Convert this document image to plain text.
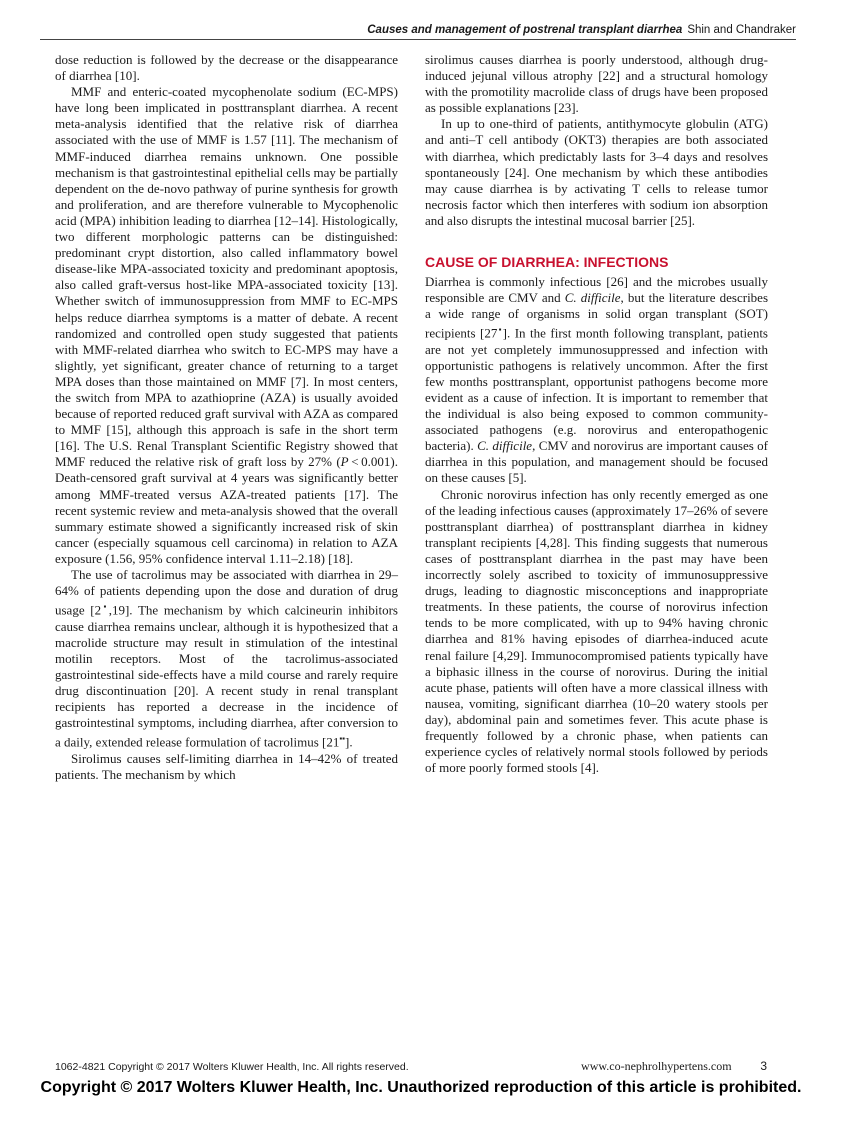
Causes and management of postrenal transplant diarrhea Shin and Chandraker

dose reduction is followed by the decrease or the disappearance of diarrhea [10].

MMF and enteric-coated mycophenolate sodium (EC-MPS) have long been implicated in posttransplant diarrhea. A recent meta-analysis identified that the relative risk of diarrhea associated with the use of MMF is 1.57 [11]. The mechanism of MMF-induced diarrhea remains unknown. One possible mechanism is that gastrointestinal epithelial cells may be partially dependent on the de-novo pathway of purine synthesis for growth and proliferation, and are therefore vulnerable to Mycophenolic acid (MPA) inhibition leading to diarrhea [12–14]. Histologically, two different morphologic patterns can be distinguished: predominant crypt distortion, also called inflammatory bowel disease-like MPA-associated toxicity and predominant apoptosis, also called graft-versus host-like MPA-associated toxicity [13]. Whether switch of immunosuppression from MMF to EC-MPS helps reduce diarrhea symptoms is a matter of debate. A recent randomized and controlled open study suggested that patients with MMF-related diarrhea who switch to EC-MPS may have a slightly, yet significant, greater chance of returning to a target MPA doses than those maintained on MMF [7]. In most centers, the switch from MPA to azathioprine (AZA) is usually avoided because of reported reduced graft survival with AZA as compared to MMF [15], although this approach is safe in the short term [16]. The U.S. Renal Transplant Scientific Registry showed that MMF reduced the relative risk of graft loss by 27% (P < 0.001). Death-censored graft survival at 4 years was significantly better among MMF-treated versus AZA-treated patients [17]. The recent systemic review and meta-analysis showed that the overall summary estimate showed a significantly increased risk of skin cancer (especially squamous cell carcinoma) in relation to AZA exposure (1.56, 95% confidence interval 1.11–2.18) [18].

The use of tacrolimus may be associated with diarrhea in 29–64% of patients depending upon the dose and duration of drug usage [2▪,19]. The mechanism by which calcineurin inhibitors cause diarrhea remains unclear, although it is hypothesized that a macrolide structure may result in stimulation of the intestinal motilin receptors. Most of the tacrolimus-associated gastrointestinal side-effects have a mild course and rarely require drug discontinuation [20]. A recent study in renal transplant recipients has reported a decrease in the incidence of gastrointestinal symptoms, including diarrhea, after conversion to a daily, extended release formulation of tacrolimus [21▪▪].

Sirolimus causes self-limiting diarrhea in 14–42% of treated patients. The mechanism by which

sirolimus causes diarrhea is poorly understood, although drug-induced jejunal villous atrophy [22] and a structural homology with the promotility macrolide class of drugs have been proposed as possible explanations [23].

In up to one-third of patients, antithymocyte globulin (ATG) and anti–T cell antibody (OKT3) therapies are both associated with diarrhea, which predictably lasts for 3–4 days and resolves spontaneously [24]. One mechanism by which these antibodies may cause diarrhea is by activating T cells to release tumor necrosis factor which then interferes with sodium ion absorption and also disrupts the intestinal mucosal barrier [25].

CAUSE OF DIARRHEA: INFECTIONS

Diarrhea is commonly infectious [26] and the microbes usually responsible are CMV and C. difficile, but the literature describes a wide range of organisms in solid organ transplant (SOT) recipients [27▪]. In the first month following transplant, patients are not yet completely immunosuppressed and infection with opportunistic pathogens is relatively uncommon. After the first few months posttransplant, opportunist pathogens become more evident as a cause of infection. It is important to remember that the individual is also being exposed to common community-associated pathogens (e.g. norovirus and enteropathogenic bacteria). C. difficile, CMV and norovirus are important causes of diarrhea in this population, and management should be focused on these causes [5].

Chronic norovirus infection has only recently emerged as one of the leading infectious causes (approximately 17–26% of severe posttransplant diarrhea) of posttransplant diarrhea in kidney transplant recipients [4,28]. This finding suggests that numerous cases of posttransplant diarrhea in the past may have been incorrectly solely ascribed to toxicity of immunosuppressive drugs, leading to diagnostic misconceptions and inappropriate treatments. In these patients, the course of norovirus infection tends to be more complicated, with up to 94% having chronic diarrhea and 81% having episodes of diarrhea-induced acute renal failure [4,29]. Immunocompromised patients typically have a biphasic illness in the course of norovirus. During the initial acute phase, patients will often have a more classical illness with nausea, vomiting, significant diarrhea (10–20 watery stools per day), abdominal pain and sometimes fever. This acute phase is frequently followed by a chronic phase, when patients can experience cycles of relatively normal stools followed by periods of more poorly formed stools [4].

1062-4821 Copyright © 2017 Wolters Kluwer Health, Inc. All rights reserved.	www.co-nephrolhypertens.com 3
Copyright © 2017 Wolters Kluwer Health, Inc. Unauthorized reproduction of this article is prohibited.
